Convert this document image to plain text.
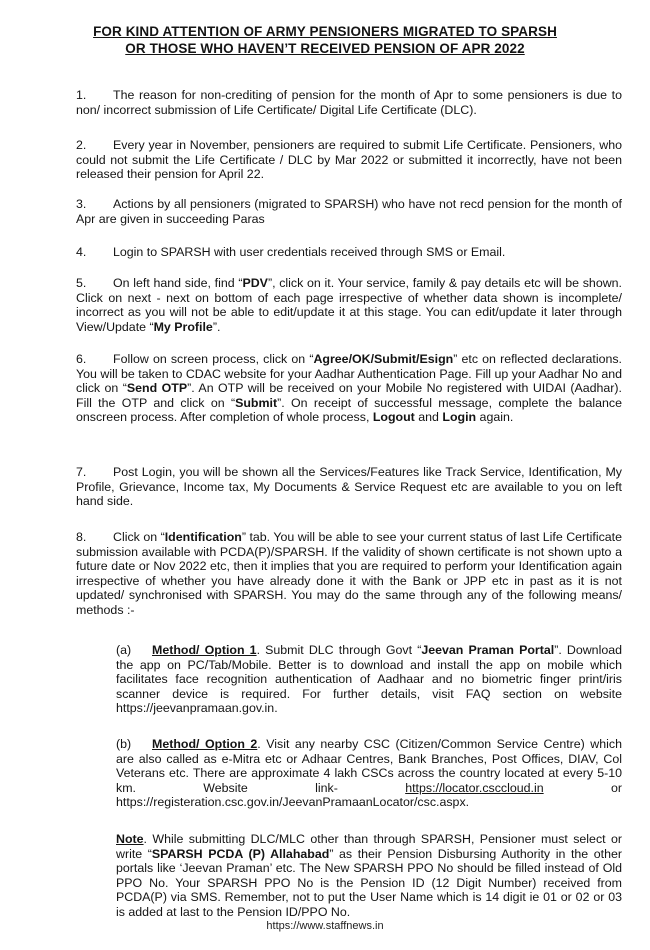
FOR KIND ATTENTION OF ARMY PENSIONERS MIGRATED TO SPARSH
OR THOSE WHO HAVEN’T RECEIVED PENSION OF APR 2022
1. The reason for non-crediting of pension for the month of Apr to some pensioners is due to non/ incorrect submission of Life Certificate/ Digital Life Certificate (DLC).
2. Every year in November, pensioners are required to submit Life Certificate. Pensioners, who could not submit the Life Certificate / DLC by Mar 2022 or submitted it incorrectly, have not been released their pension for April 22.
3. Actions by all pensioners (migrated to SPARSH) who have not recd pension for the month of Apr are given in succeeding Paras
4. Login to SPARSH with user credentials received through SMS or Email.
5. On left hand side, find “PDV”, click on it. Your service, family & pay details etc will be shown. Click on next - next on bottom of each page irrespective of whether data shown is incomplete/ incorrect as you will not be able to edit/update it at this stage. You can edit/update it later through View/Update “My Profile”.
6. Follow on screen process, click on “Agree/OK/Submit/Esign” etc on reflected declarations. You will be taken to CDAC website for your Aadhar Authentication Page. Fill up your Aadhar No and click on “Send OTP”. An OTP will be received on your Mobile No registered with UIDAI (Aadhar). Fill the OTP and click on “Submit”. On receipt of successful message, complete the balance onscreen process. After completion of whole process, Logout and Login again.
7. Post Login, you will be shown all the Services/Features like Track Service, Identification, My Profile, Grievance, Income tax, My Documents & Service Request etc are available to you on left hand side.
8. Click on “Identification” tab. You will be able to see your current status of last Life Certificate submission available with PCDA(P)/SPARSH. If the validity of shown certificate is not shown upto a future date or Nov 2022 etc, then it implies that you are required to perform your Identification again irrespective of whether you have already done it with the Bank or JPP etc in past as it is not updated/ synchronised with SPARSH. You may do the same through any of the following means/ methods :-
(a) Method/ Option 1. Submit DLC through Govt “Jeevan Praman Portal”. Download the app on PC/Tab/Mobile. Better is to download and install the app on mobile which facilitates face recognition authentication of Aadhaar and no biometric finger print/iris scanner device is required. For further details, visit FAQ section on website https://jeevanpramaan.gov.in.
(b) Method/ Option 2. Visit any nearby CSC (Citizen/Common Service Centre) which are also called as e-Mitra etc or Adhaar Centres, Bank Branches, Post Offices, DIAV, Col Veterans etc. There are approximate 4 lakh CSCs across the country located at every 5-10 km. Website link- https://locator.csccloud.in or https://registeration.csc.gov.in/JeevanPramaanLocator/csc.aspx.
Note. While submitting DLC/MLC other than through SPARSH, Pensioner must select or write “SPARSH PCDA (P) Allahabad” as their Pension Disbursing Authority in the other portals like ‘Jeevan Praman’ etc. The New SPARSH PPO No should be filled instead of Old PPO No. Your SPARSH PPO No is the Pension ID (12 Digit Number) received from PCDA(P) via SMS. Remember, not to put the User Name which is 14 digit ie 01 or 02 or 03 is added at last to the Pension ID/PPO No.
https://www.staffnews.in
